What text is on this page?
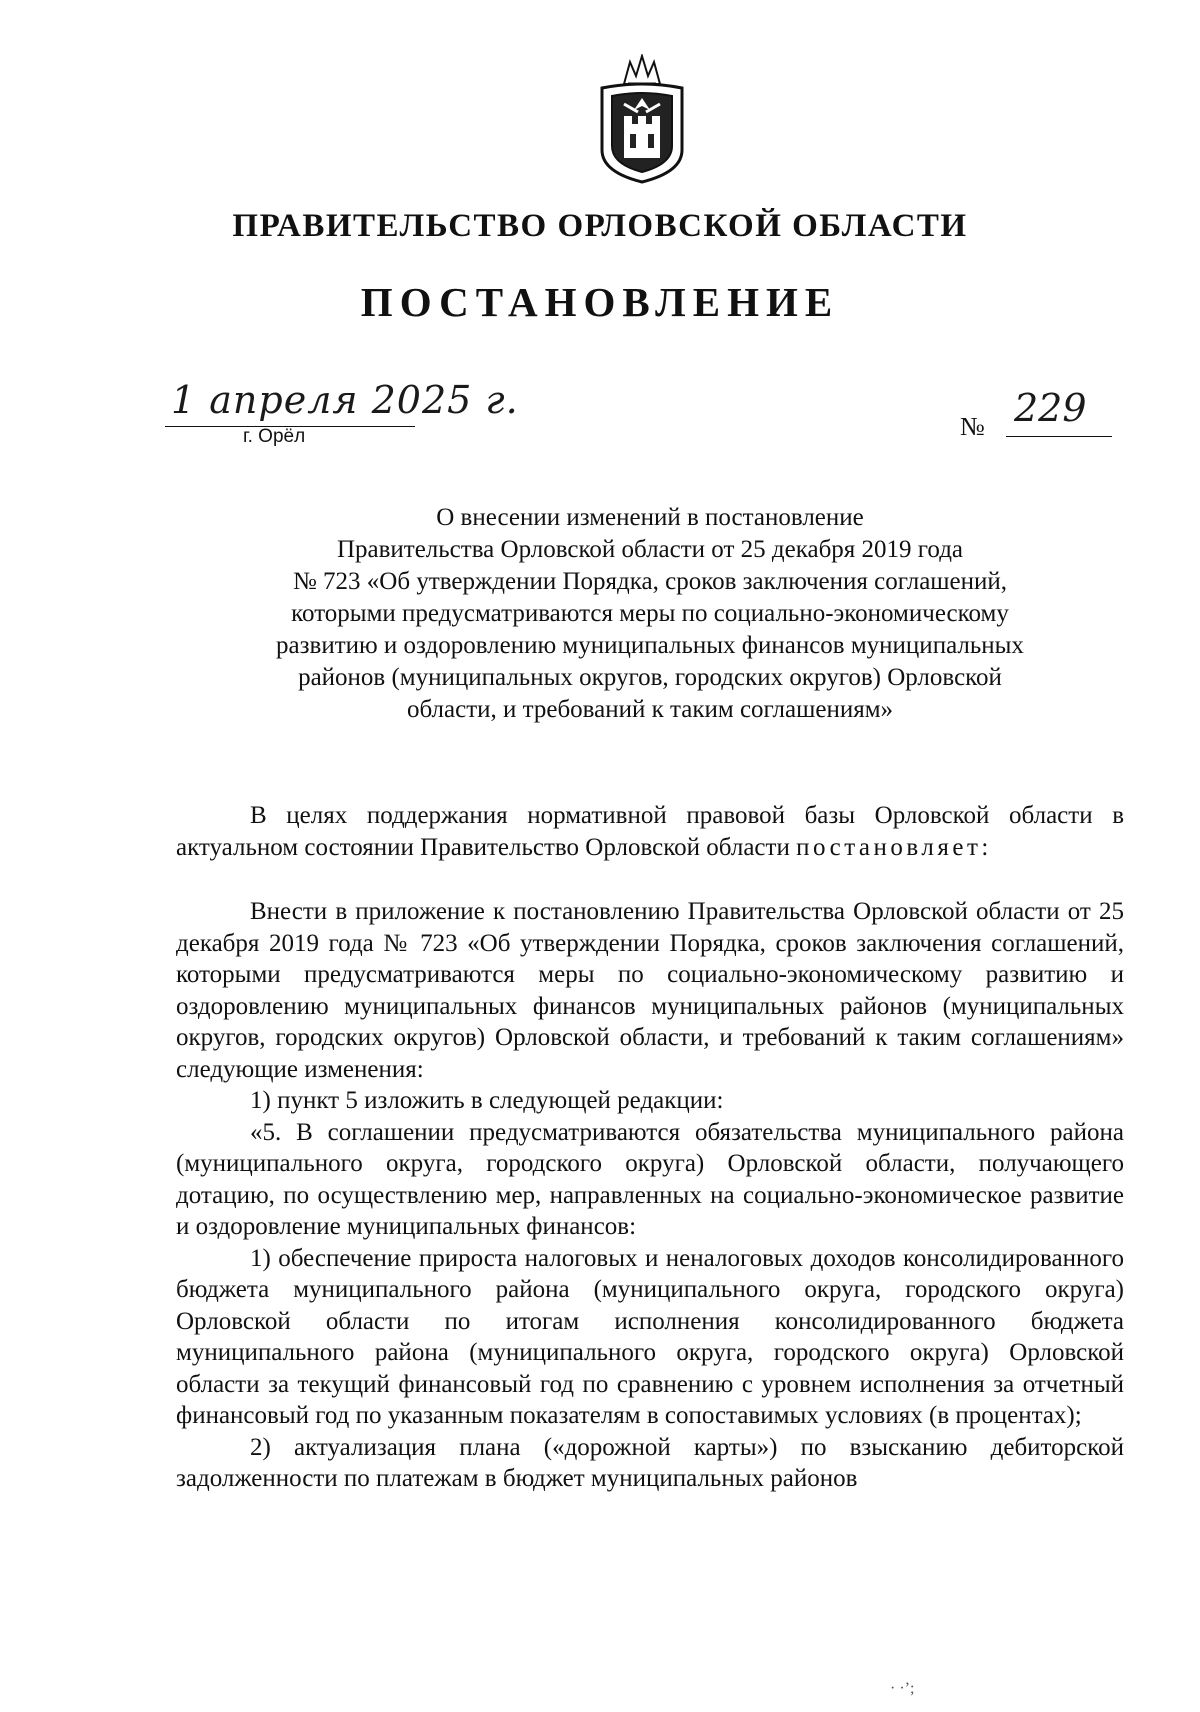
ПРАВИТЕЛЬСТВО ОРЛОВСКОЙ ОБЛАСТИ
ПОСТАНОВЛЕНИЕ
1 апреля 2025 г.
г. Орёл	№ 229
О внесении изменений в постановление
Правительства Орловской области от 25 декабря 2019 года
№ 723 «Об утверждении Порядка, сроков заключения соглашений,
которыми предусматриваются меры по социально-экономическому
развитию и оздоровлению муниципальных финансов муниципальных
районов (муниципальных округов, городских округов) Орловской
области, и требований к таким соглашениям»

В целях поддержания нормативной правовой базы Орловской области в актуальном состоянии Правительство Орловской области постановляет:

Внести в приложение к постановлению Правительства Орловской области от 25 декабря 2019 года № 723 «Об утверждении Порядка, сроков заключения соглашений, которыми предусматриваются меры по социально-экономическому развитию и оздоровлению муниципальных финансов муниципальных районов (муниципальных округов, городских округов) Орловской области, и требований к таким соглашениям» следующие изменения:

1) пункт 5 изложить в следующей редакции:

«5. В соглашении предусматриваются обязательства муниципального района (муниципального округа, городского округа) Орловской области, получающего дотацию, по осуществлению мер, направленных на социально-экономическое развитие и оздоровление муниципальных финансов:

1) обеспечение прироста налоговых и неналоговых доходов консолидированного бюджета муниципального района (муниципального округа, городского округа) Орловской области по итогам исполнения консолидированного бюджета муниципального района (муниципального округа, городского округа) Орловской области за текущий финансовый год по сравнению с уровнем исполнения за отчетный финансовый год по указанным показателям в сопоставимых условиях (в процентах);

2) актуализация плана («дорожной карты») по взысканию дебиторской задолженности по платежам в бюджет муниципальных районов

· ·ʼ;
